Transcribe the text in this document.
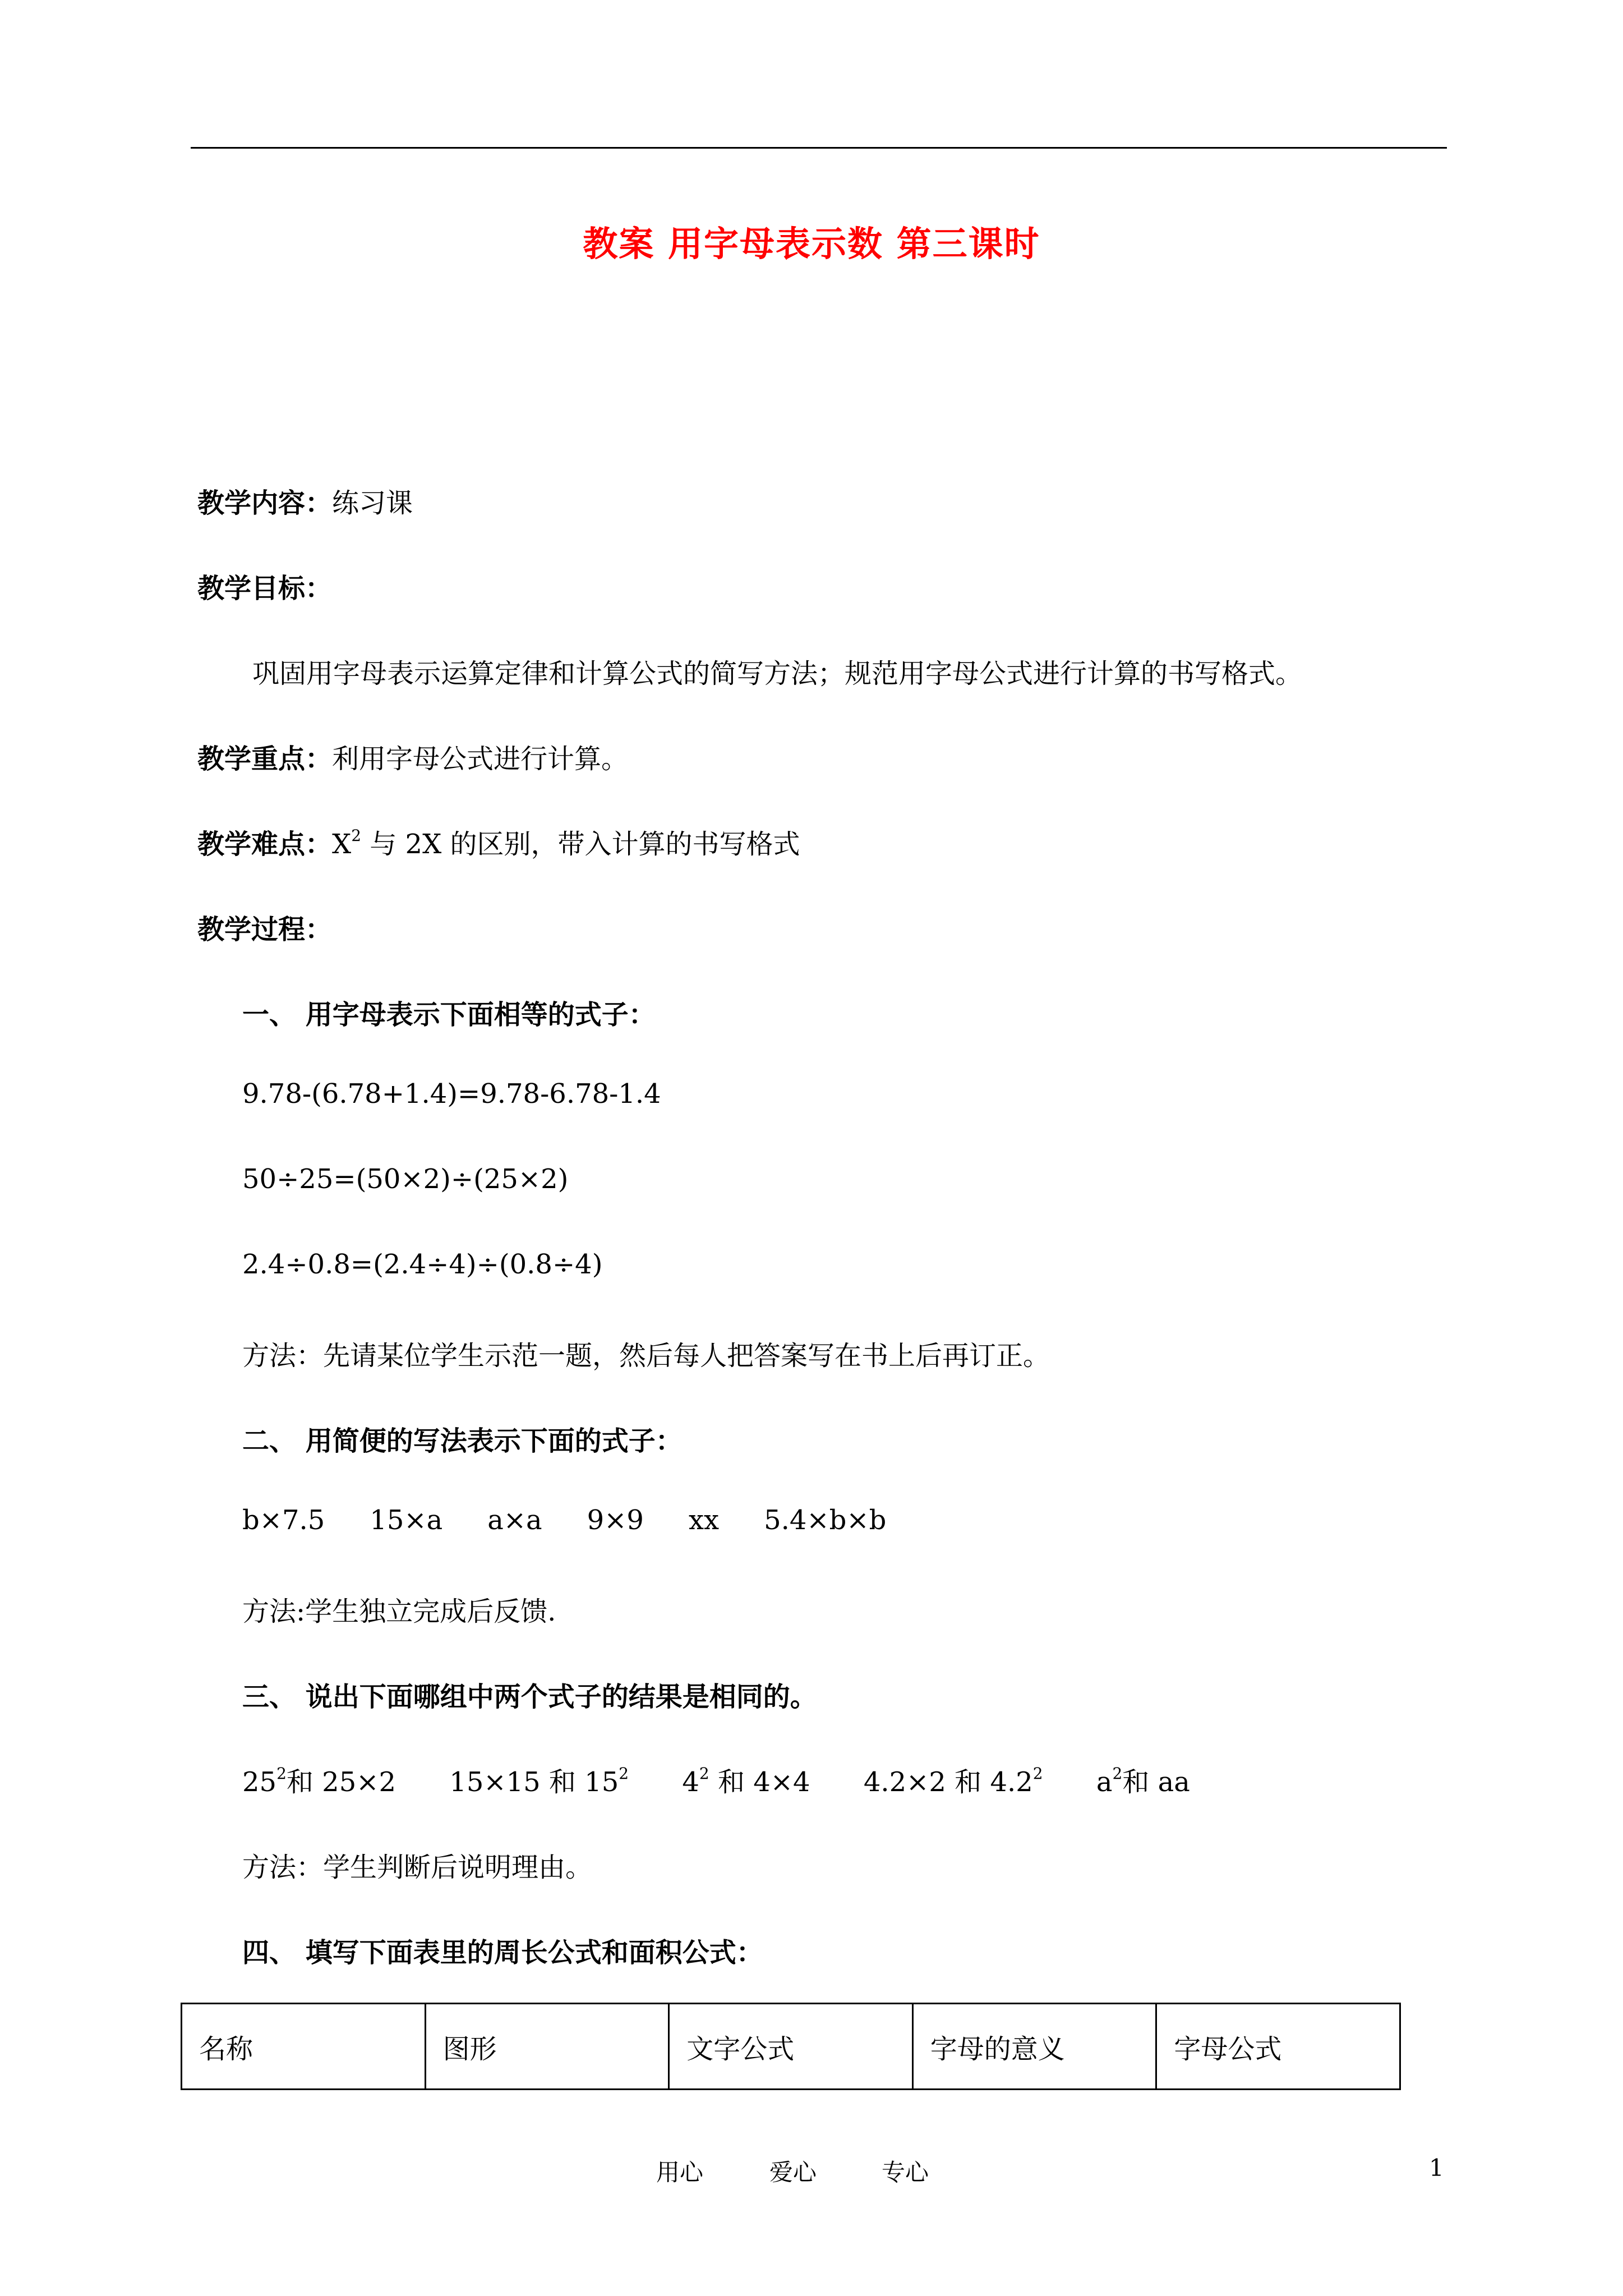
教案 用字母表示数 第三课时
教学内容：练习课
教学目标：
巩固用字母表示运算定律和计算公式的简写方法；规范用字母公式进行计算的书写格式。
教学重点：利用字母公式进行计算。
教学难点：$X^2$ 与 2X 的区别，带入计算的书写格式
教学过程：
一、 用字母表示下面相等的式子：
9.78-(6.78+1.4)=9.78-6.78-1.4
50÷25=(50×2)÷(25×2)
2.4÷0.8=(2.4÷4)÷(0.8÷4)
方法：先请某位学生示范一题，然后每人把答案写在书上后再订正。
二、 用简便的写法表示下面的式子：
b×7.5 15×a a×a 9×9 xx 5.4×b×b
方法:学生独立完成后反馈.
三、 说出下面哪组中两个式子的结果是相同的。
$25^2$和 25×2 15×15 和 $15^2$ $4^2$ 和 4×4 4.2×2 和 $4.2^2$ $a^2$和 aa
方法：学生判断后说明理由。
四、 填写下面表里的周长公式和面积公式：
名称	图形	文字公式	字母的意义	字母公式
用心	爱心	专心	1
